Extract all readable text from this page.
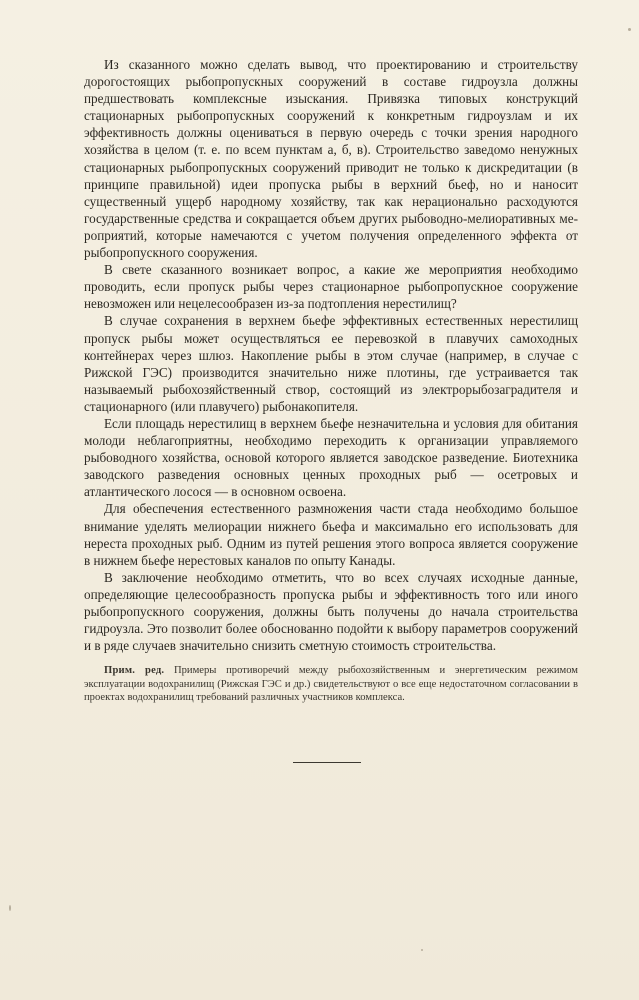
Из сказанного можно сделать вывод, что проектированию и строительству дорогостоящих рыбопропускных сооружений в составе гидроузла должны предшествовать комплексные изыскания. Привязка типовых конструкций стационарных рыбопропускных сооружений к конкретным гидроузлам и их эффективность должны оцениваться в первую очередь с точки зрения народного хозяйства в целом (т. е. по всем пунктам а, б, в). Строительство заведомо ненужных стационарных рыбопропускных сооружений приводит не только к дискредитации (в принципе правильной) идеи пропуска рыбы в верхний бьеф, но и наносит существенный ущерб народному хозяйству, так как нерационально расходуются государственные средства и сокращается объем других рыбоводно-мелиоративных мероприятий, которые намечаются с учетом получения определенного эффекта от рыбопропускного сооружения.

В свете сказанного возникает вопрос, а какие же мероприятия необходимо проводить, если пропуск рыбы через стационарное рыбопропускное сооружение невозможен или нецелесообразен из-за подтопления нерестилищ?

В случае сохранения в верхнем бьефе эффективных естественных нерестилищ пропуск рыбы может осуществляться ее перевозкой в плавучих самоходных контейнерах через шлюз. Накопление рыбы в этом случае (например, в случае с Рижской ГЭС) производится значительно ниже плотины, где устраивается так называемый рыбохозяйственный створ, состоящий из электрорыбозаградителя и стационарного (или плавучего) рыбонакопителя.

Если площадь нерестилищ в верхнем бьефе незначительна и условия для обитания молоди неблагоприятны, необходимо переходить к организации управляемого рыбоводного хозяйства, основой которого является заводское разведение. Биотехника заводского разведения основных ценных проходных рыб — осетровых и атлантического лосося — в основном освоена.

Для обеспечения естественного размножения части стада необходимо большое внимание уделять мелиорации нижнего бьефа и максимально его использовать для нереста проходных рыб. Одним из путей решения этого вопроса является сооружение в нижнем бьефе нерестовых каналов по опыту Канады.

В заключение необходимо отметить, что во всех случаях исходные данные, определяющие целесообразность пропуска рыбы и эффективность того или иного рыбопропускного сооружения, должны быть получены до начала строительства гидроузла. Это позволит более обоснованно подойти к выбору параметров сооружений и в ряде случаев значительно снизить сметную стоимость строительства.

Прим. ред. Примеры противоречий между рыбохозяйственным и энергетическим режимом эксплуатации водохранилищ (Рижская ГЭС и др.) свидетельствуют о все еще недостаточном согласовании в проектах водохранилищ требований различных участников комплекса.
